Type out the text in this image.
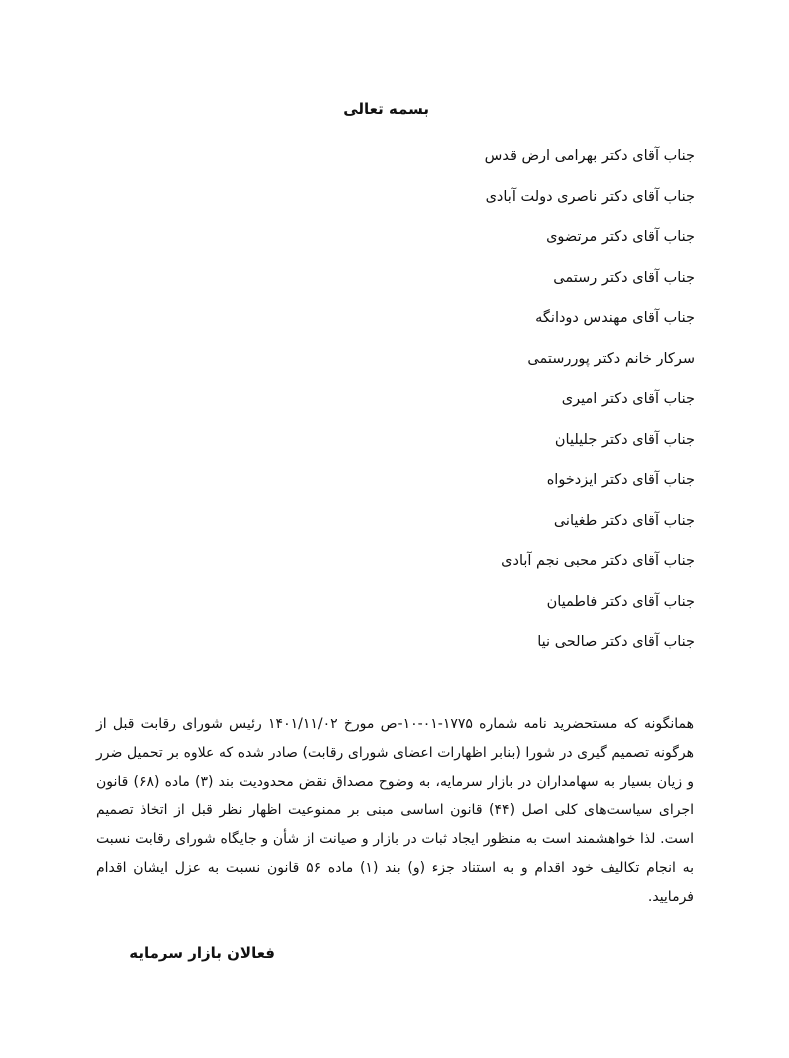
بسمه تعالی
جناب آقای دکتر بهرامی ارض قدس
جناب آقای دکتر ناصری دولت آبادی
جناب آقای دکتر مرتضوی
جناب آقای دکتر رستمی
جناب آقای مهندس دودانگه
سرکار خانم دکتر پوررستمی
جناب آقای دکتر امیری
جناب آقای دکتر جلیلیان
جناب آقای دکتر ایزدخواه
جناب آقای دکتر طغیانی
جناب آقای دکتر محبی نجم آبادی
جناب آقای دکتر فاطمیان
جناب آقای دکتر صالحی نیا

همانگونه که مستحضرید نامه شماره ۱۷۷۵-۰۱-۱۰-ص مورخ ۱۴۰۱/۱۱/۰۲ رئیس شورای رقابت قبل از هرگونه تصمیم گیری در شورا (بنابر اظهارات اعضای شورای رقابت) صادر شده که علاوه بر تحمیل ضرر و زیان بسیار به سهامداران در بازار سرمایه، به وضوح مصداق نقض محدودیت بند (۳) ماده (۶۸) قانون اجرای سیاست‌های کلی اصل (۴۴) قانون اساسی مبنی بر ممنوعیت اظهار نظر قبل از اتخاذ تصمیم است. لذا خواهشمند است به منظور ایجاد ثبات در بازار و صیانت از شأن و جایگاه شورای رقابت نسبت به انجام تکالیف خود اقدام و به استناد جزء (و) بند (۱) ماده ۵۶ قانون نسبت به عزل ایشان اقدام فرمایید.

فعالان بازار سرمایه
